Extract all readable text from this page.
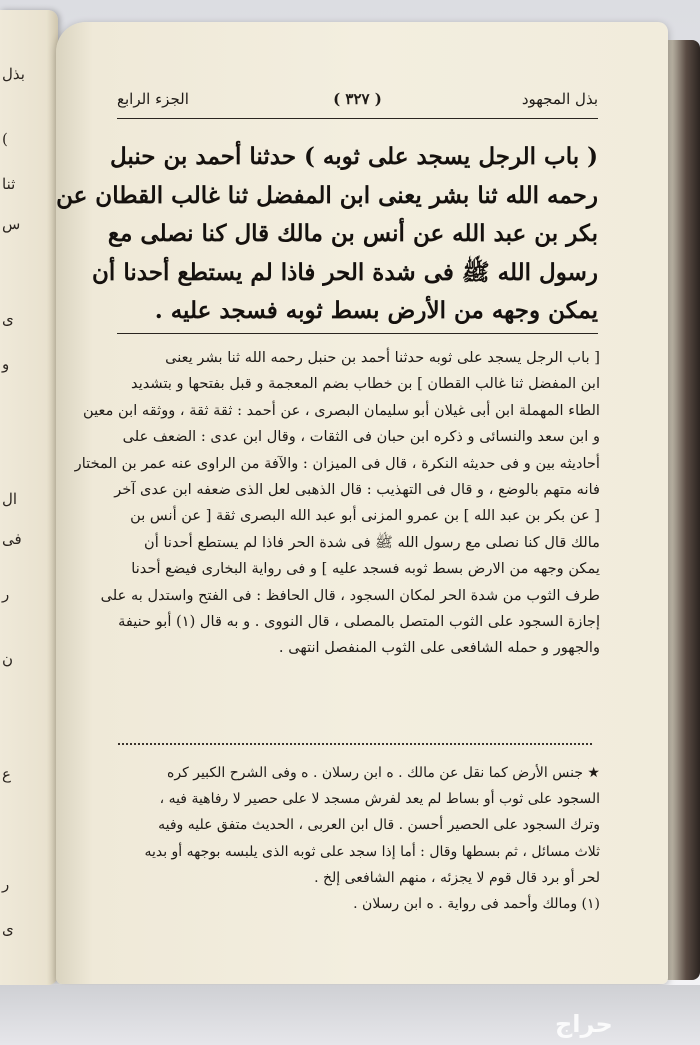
بذل
(
ثنا
س
ى
و
ال
فى
ر
ن
ع
ر
ى
بذل المجهود
( ٣٢٧ )
الجزء الرابع
( باب الرجل يسجد على ثوبه ) حدثنا أحمد بن حنبل
رحمه الله ثنا بشر يعنى ابن المفضل ثنا غالب القطان عن
بكر بن عبد الله عن أنس بن مالك قال كنا نصلى مع
رسول الله ﷺ فى شدة الحر فاذا لم يستطع أحدنا أن
يمكن وجهه من الأرض بسط ثوبه فسجد عليه .
[ باب الرجل يسجد على ثوبه حدثنا أحمد بن حنبل رحمه الله ثنا بشر يعنى
ابن المفضل ثنا غالب القطان ] بن خطاب بضم المعجمة و قبل بفتحها و بتشديد
الطاء المهملة ابن أبى غيلان أبو سليمان البصرى ، عن أحمد : ثقة ثقة ، ووثقه ابن معين
و ابن سعد والنسائى و ذكره ابن حبان فى الثقات ، وقال ابن عدى : الضعف على
أحاديثه بين و فى حديثه النكرة ، قال فى الميزان : والآفة من الراوى عنه عمر بن المختار
فانه متهم بالوضع ، و قال فى التهذيب : قال الذهبى لعل الذى ضعفه ابن عدى آخر
[ عن بكر بن عبد الله ] بن عمرو المزنى أبو عبد الله البصرى ثقة [ عن أنس بن
مالك قال كنا نصلى مع رسول الله ﷺ فى شدة الحر فاذا لم يستطع أحدنا أن
يمكن وجهه من الارض بسط ثوبه فسجد عليه ] و فى رواية البخارى فيضع أحدنا
طرف الثوب من شدة الحر لمكان السجود ، قال الحافظ : فى الفتح واستدل به على
إجازة السجود على الثوب المتصل بالمصلى ، قال النووى . و به قال (١) أبو حنيفة
والجهور و حمله الشافعى على الثوب المنفصل انتهى .
★ جنس الأرض كما نقل عن مالك . ه ابن رسلان . ه وفى الشرح الكبير كره
السجود على ثوب أو بساط لم يعد لفرش مسجد لا على حصير لا رفاهية فيه ،
وترك السجود على الحصير أحسن . قال ابن العربى ، الحديث متفق عليه وفيه
ثلاث مسائل ، ثم بسطها وقال : أما إذا سجد على ثوبه الذى يلبسه بوجهه أو بديه
لحر أو برد قال قوم لا يجزئه ، منهم الشافعى إلخ .
(١) ومالك وأحمد فى رواية . ه ابن رسلان .
حراج
